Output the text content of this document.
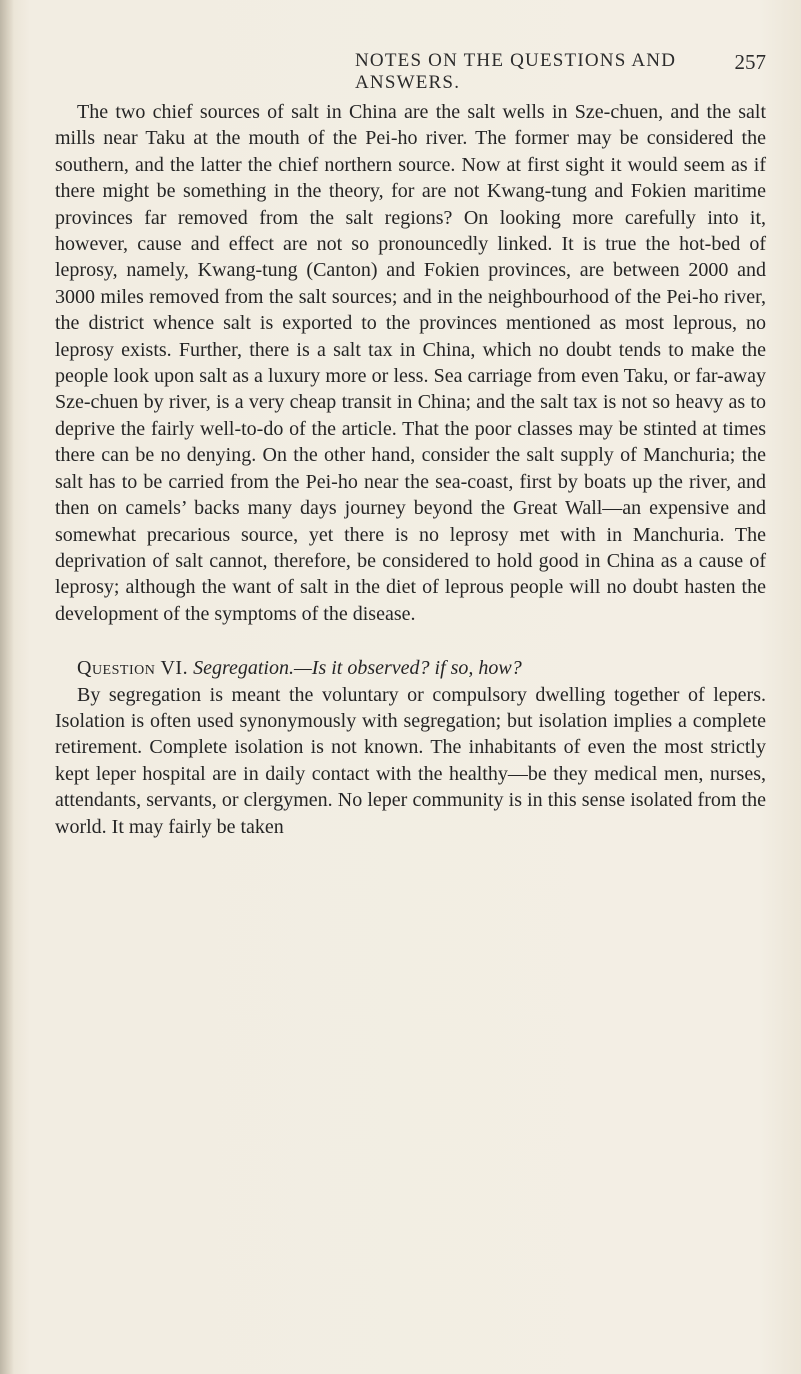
NOTES ON THE QUESTIONS AND ANSWERS.
257

The two chief sources of salt in China are the salt wells in Sze-chuen, and the salt mills near Taku at the mouth of the Pei-ho river. The former may be considered the southern, and the latter the chief northern source. Now at first sight it would seem as if there might be something in the theory, for are not Kwang-tung and Fokien maritime provinces far removed from the salt regions? On looking more carefully into it, however, cause and effect are not so pronouncedly linked. It is true the hot-bed of leprosy, namely, Kwang-tung (Canton) and Fokien provinces, are between 2000 and 3000 miles removed from the salt sources; and in the neighbourhood of the Pei-ho river, the district whence salt is exported to the provinces mentioned as most leprous, no leprosy exists. Further, there is a salt tax in China, which no doubt tends to make the people look upon salt as a luxury more or less. Sea carriage from even Taku, or far-away Sze-chuen by river, is a very cheap transit in China; and the salt tax is not so heavy as to deprive the fairly well-to-do of the article. That the poor classes may be stinted at times there can be no denying. On the other hand, consider the salt supply of Manchuria; the salt has to be carried from the Pei-ho near the sea-coast, first by boats up the river, and then on camels’ backs many days journey beyond the Great Wall—an expensive and somewhat precarious source, yet there is no leprosy met with in Manchuria. The deprivation of salt cannot, therefore, be considered to hold good in China as a cause of leprosy; although the want of salt in the diet of leprous people will no doubt hasten the development of the symptoms of the disease.

Question VI. Segregation.—Is it observed? if so, how?

By segregation is meant the voluntary or compulsory dwelling together of lepers. Isolation is often used synonymously with segregation; but isolation implies a complete retirement. Complete isolation is not known. The inhabitants of even the most strictly kept leper hospital are in daily contact with the healthy—be they medical men, nurses, attendants, servants, or clergymen. No leper community is in this sense isolated from the world. It may fairly be taken
